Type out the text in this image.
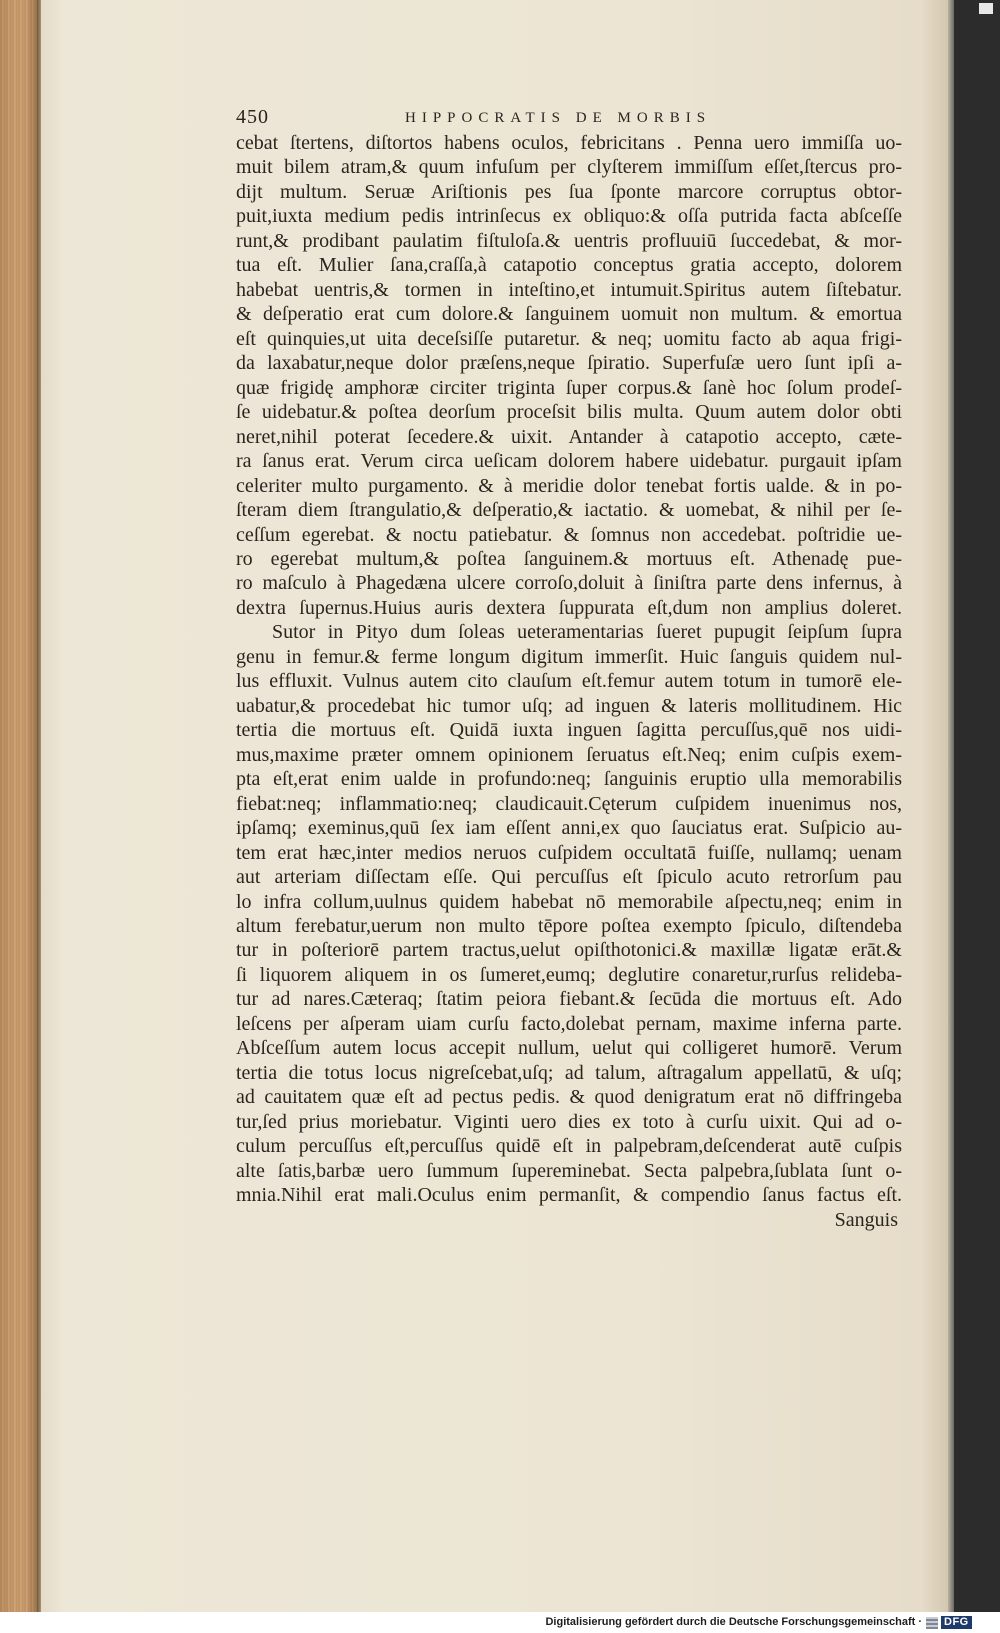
450	HIPPOCRATIS DE MORBIS
cebat ſtertens, diſtortos habens oculos, febricitans . Penna uero immiſſa uo-
muit bilem atram,& quum infuſum per clyſterem immiſſum eſſet,ſtercus pro-
dijt multum. Seruæ Ariſtionis pes ſua ſponte marcore corruptus obtor-
puit,iuxta medium pedis intrinſecus ex obliquo:& oſſa putrida facta abſceſſe
runt,& prodibant paulatim fiſtuloſa.& uentris profluuiū ſuccedebat, & mor-
tua eſt. Mulier ſana,craſſa,à catapotio conceptus gratia accepto, dolorem
habebat uentris,& tormen in inteſtino,et intumuit.Spiritus autem ſiſtebatur.
& deſperatio erat cum dolore.& ſanguinem uomuit non multum. & emortua
eſt quinquies,ut uita deceſsiſſe putaretur. & neq; uomitu facto ab aqua frigi-
da laxabatur,neque dolor præſens,neque ſpiratio. Superfuſæ uero ſunt ipſi a-
quæ frigidę amphoræ circiter triginta ſuper corpus.& ſanè hoc ſolum prodeſ-
ſe uidebatur.& poſtea deorſum proceſsit bilis multa. Quum autem dolor obti
neret,nihil poterat ſecedere.& uixit. Antander à catapotio accepto, cæte-
ra ſanus erat. Verum circa ueſicam dolorem habere uidebatur. purgauit ipſam
celeriter multo purgamento. & à meridie dolor tenebat fortis ualde. & in po-
ſteram diem ſtrangulatio,& deſperatio,& iactatio. & uomebat, & nihil per ſe-
ceſſum egerebat. & noctu patiebatur. & ſomnus non accedebat. poſtridie ue-
ro egerebat multum,& poſtea ſanguinem.& mortuus eſt. Athenadę pue-
ro maſculo à Phagedæna ulcere corroſo,doluit à ſiniſtra parte dens infernus, à
dextra ſupernus.Huius auris dextera ſuppurata eſt,dum non amplius doleret.
Sutor in Pityo dum ſoleas ueteramentarias ſueret pupugit ſeipſum ſupra
genu in femur.& ferme longum digitum immerſit. Huic ſanguis quidem nul-
lus effluxit. Vulnus autem cito clauſum eſt.femur autem totum in tumorē ele-
uabatur,& procedebat hic tumor uſq; ad inguen & lateris mollitudinem. Hic
tertia die mortuus eſt. Quidā iuxta inguen ſagitta percuſſus,quē nos uidi-
mus,maxime præter omnem opinionem ſeruatus eſt.Neq; enim cuſpis exem-
pta eſt,erat enim ualde in profundo:neq; ſanguinis eruptio ulla memorabilis
fiebat:neq; inflammatio:neq; claudicauit.Cęterum cuſpidem inuenimus nos,
ipſamq; exeminus,quū ſex iam eſſent anni,ex quo ſauciatus erat. Suſpicio au-
tem erat hæc,inter medios neruos cuſpidem occultatā fuiſſe, nullamq; uenam
aut arteriam diſſectam eſſe. Qui percuſſus eſt ſpiculo acuto retrorſum pau
lo infra collum,uulnus quidem habebat nō memorabile aſpectu,neq; enim in
altum ferebatur,uerum non multo tēpore poſtea exempto ſpiculo, diſtendeba
tur in poſteriorē partem tractus,uelut opiſthotonici.& maxillæ ligatæ erāt.&
ſi liquorem aliquem in os ſumeret,eumq; deglutire conaretur,rurſus relideba-
tur ad nares.Cæteraq; ſtatim peiora fiebant.& ſecūda die mortuus eſt. Ado
leſcens per aſperam uiam curſu facto,dolebat pernam, maxime inferna parte.
Abſceſſum autem locus accepit nullum, uelut qui colligeret humorē. Verum
tertia die totus locus nigreſcebat,uſq; ad talum, aſtragalum appellatū, & uſq;
ad cauitatem quæ eſt ad pectus pedis. & quod denigratum erat nō diffringeba
tur,ſed prius moriebatur. Viginti uero dies ex toto à curſu uixit. Qui ad o-
culum percuſſus eſt,percuſſus quidē eſt in palpebram,deſcenderat autē cuſpis
alte ſatis,barbæ uero ſummum ſupereminebat. Secta palpebra,ſublata ſunt o-
mnia.Nihil erat mali.Oculus enim permanſit, & compendio ſanus factus eſt.
Sanguis
Digitalisierung gefördert durch die Deutsche Forschungsgemeinschaft · DFG
